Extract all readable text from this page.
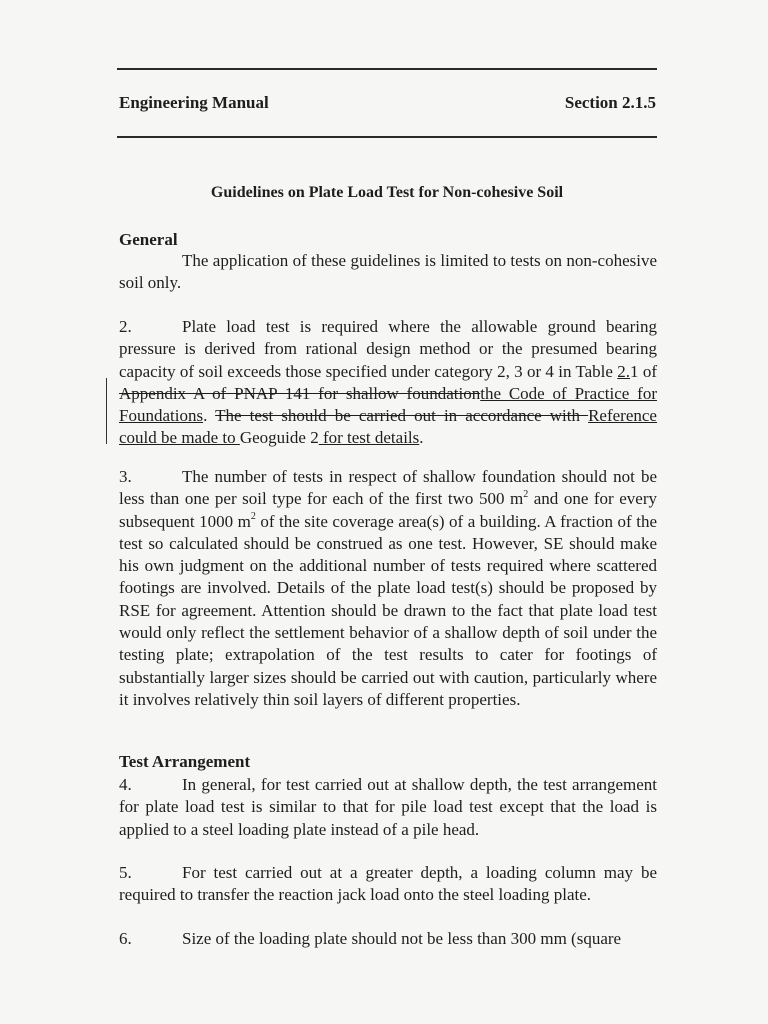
Engineering Manual	Section 2.1.5
Guidelines on Plate Load Test for Non-cohesive Soil
General
The application of these guidelines is limited to tests on non-cohesive soil only.
2.	Plate load test is required where the allowable ground bearing pressure is derived from rational design method or the presumed bearing capacity of soil exceeds those specified under category 2, 3 or 4 in Table 2.1 of Appendix A of PNAP 141 for shallow foundationthe Code of Practice for Foundations. The test should be carried out in accordance with Reference could be made to Geoguide 2 for test details.
3.	The number of tests in respect of shallow foundation should not be less than one per soil type for each of the first two 500 $m^2$ and one for every subsequent 1000 $m^2$ of the site coverage area(s) of a building. A fraction of the test so calculated should be construed as one test. However, SE should make his own judgment on the additional number of tests required where scattered footings are involved. Details of the plate load test(s) should be proposed by RSE for agreement. Attention should be drawn to the fact that plate load test would only reflect the settlement behavior of a shallow depth of soil under the testing plate; extrapolation of the test results to cater for footings of substantially larger sizes should be carried out with caution, particularly where it involves relatively thin soil layers of different properties.
Test Arrangement
4.	In general, for test carried out at shallow depth, the test arrangement for plate load test is similar to that for pile load test except that the load is applied to a steel loading plate instead of a pile head.
5.	For test carried out at a greater depth, a loading column may be required to transfer the reaction jack load onto the steel loading plate.
6.	Size of the loading plate should not be less than 300 mm (square
